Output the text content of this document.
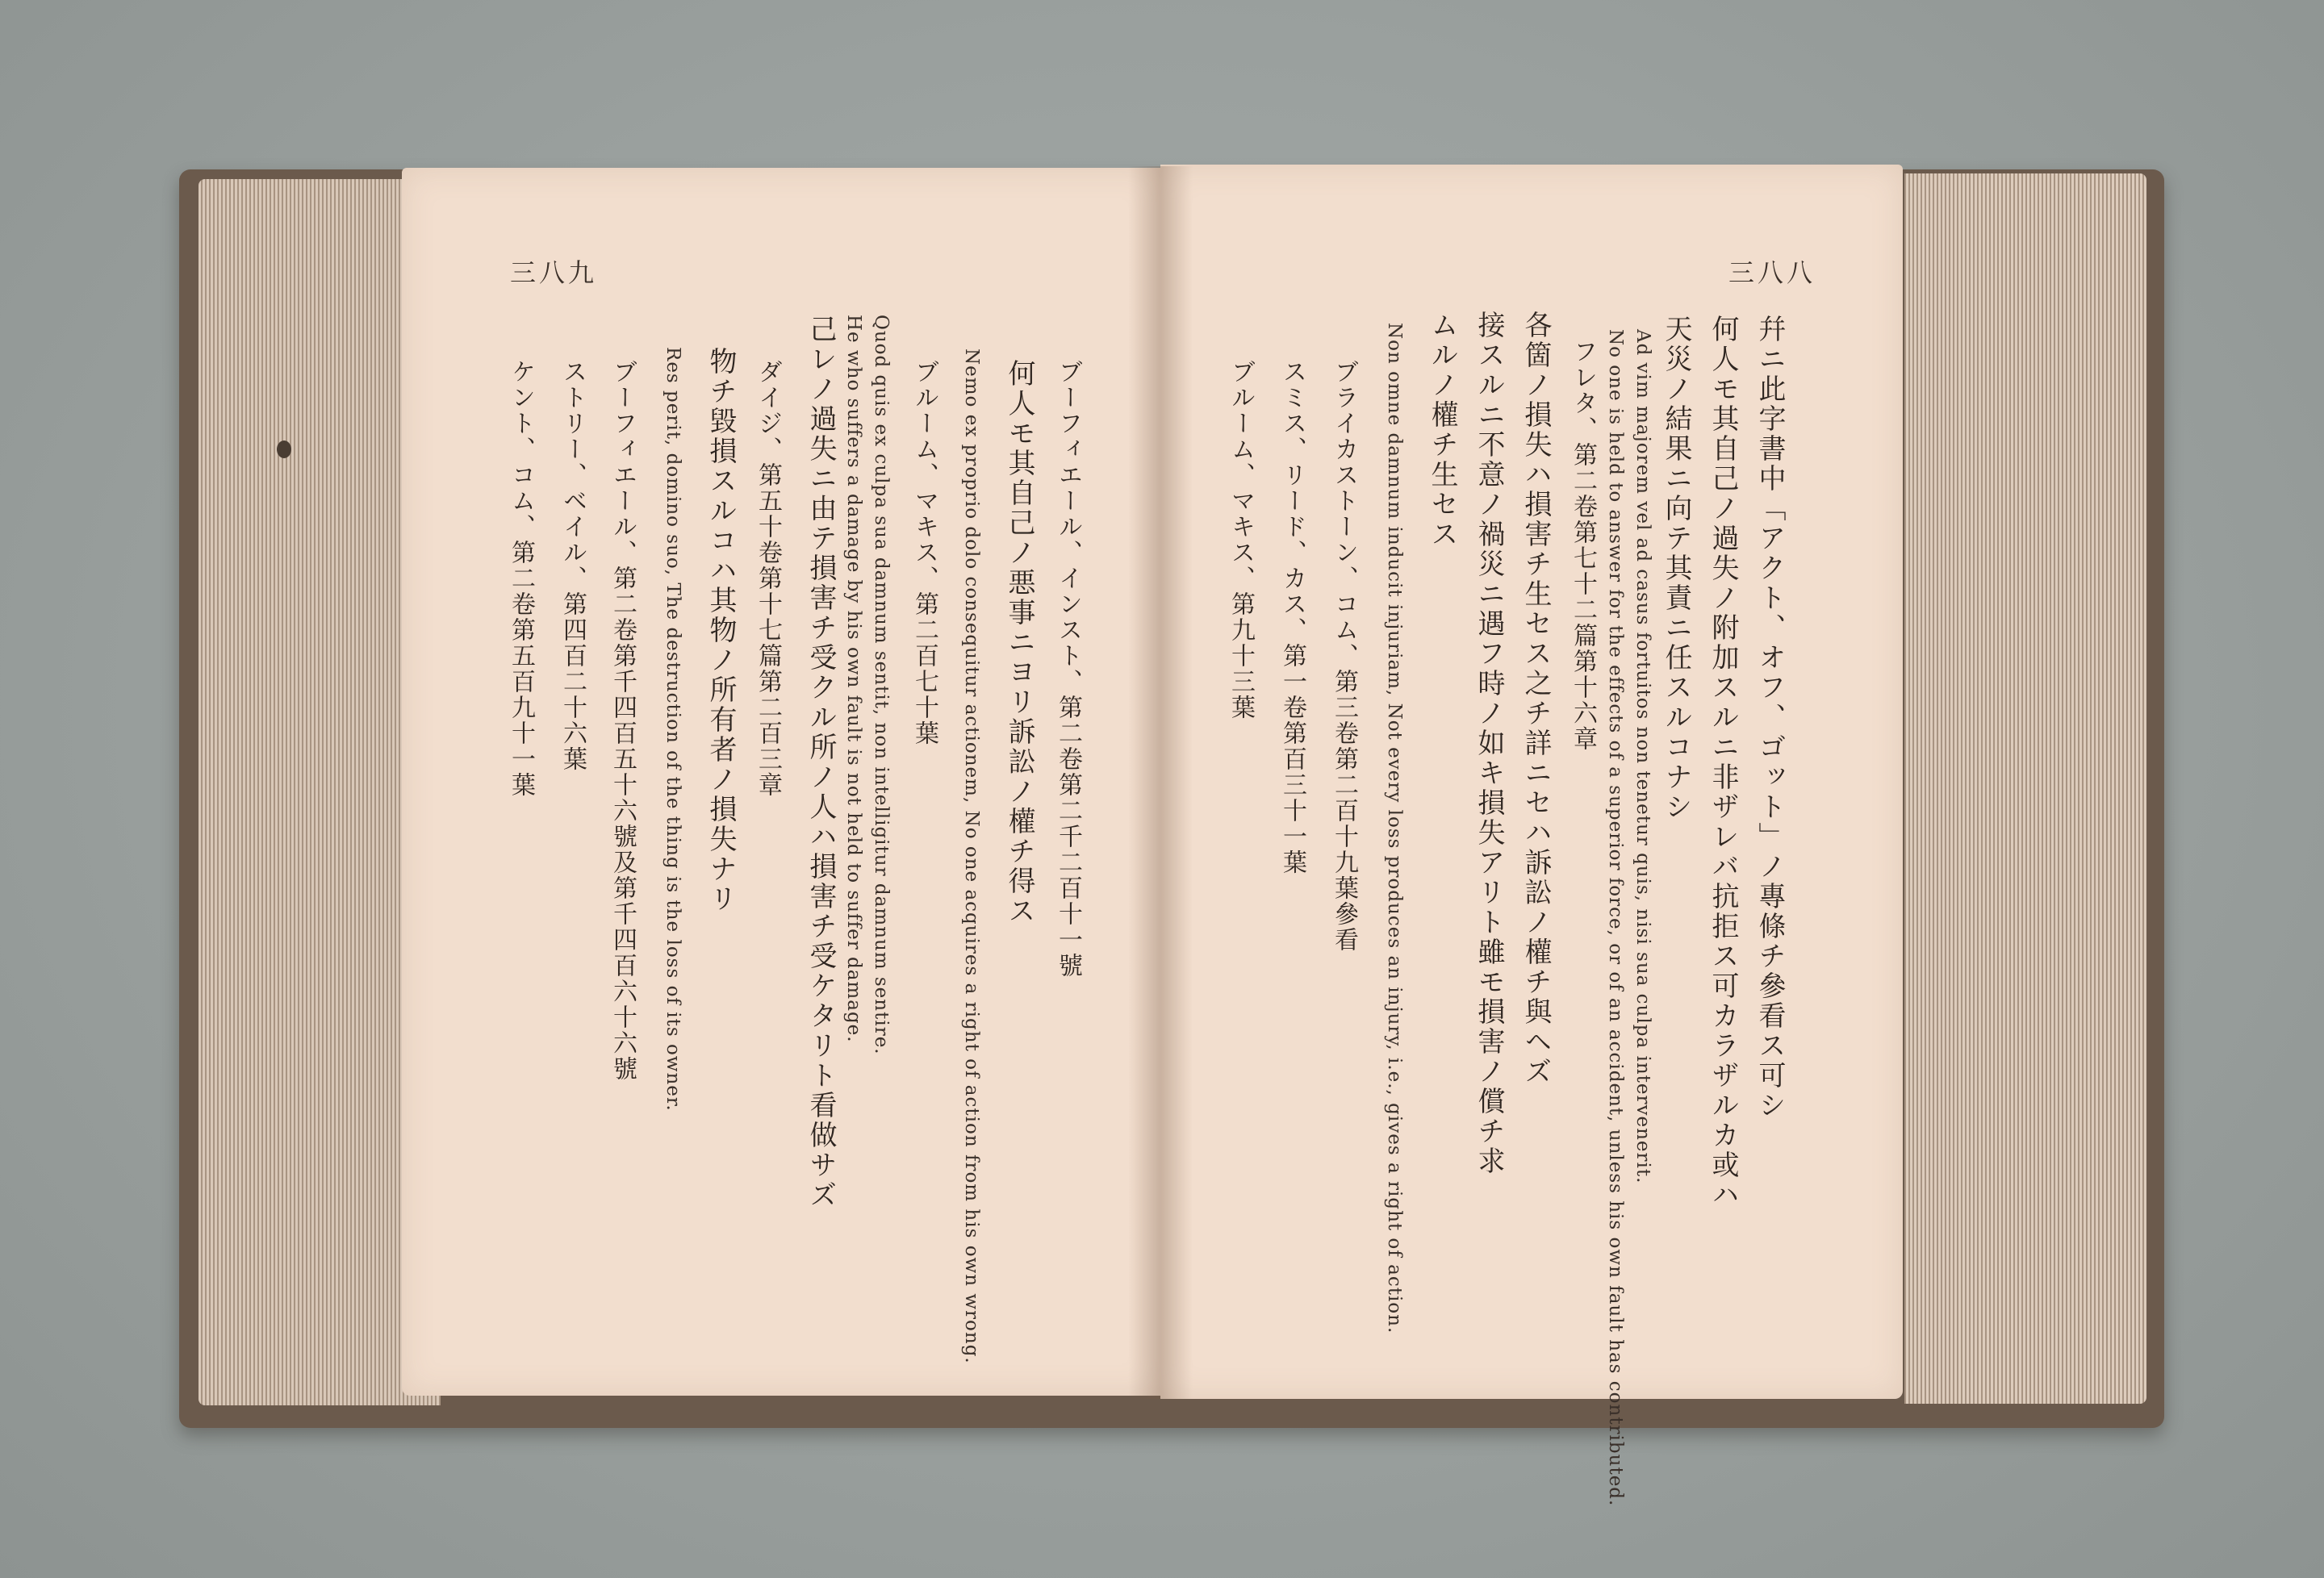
三八九
ブーフィエール、インスト、第二卷第二千二百十一號
何人モ其自己ノ悪事ニヨリ訴訟ノ權チ得ス
Nemo ex proprio dolo consequitur actionem, No one acquires a right of action from his own wrong.
ブルーム、マキス、第二百七十葉
Quod quis ex culpa sua damnum sentit, non intelligitur damnum sentire.
He who suffers a damage by his own fault is not held to suffer damage.
己レノ過失ニ由テ損害チ受クル所ノ人ハ損害チ受ケタリト看做サズ
ダイジ、第五十卷第十七篇第二百三章
物チ毀損スルコハ其物ノ所有者ノ損失ナリ
Res perit, domino suo, The destruction of the thing is the loss of its owner.
ブーフィエール、第二卷第千四百五十六號及第千四百六十六號
ストリー、ベイル、第四百二十六葉
ケント、コム、第二卷第五百九十一葉
三八八
幷ニ此字書中「アクト、オフ、ゴット」ノ專條チ參看ス可シ
何人モ其自己ノ過失ノ附加スルニ非ザレバ抗拒ス可カラザルカ或ハ
天災ノ結果ニ向テ其責ニ任スルコナシ
Ad vim majorem vel ad casus fortuitos non tenetur quis, nisi sua culpa intervenerit.
No one is held to answer for the effects of a superior force, or of an accident, unless his own fault has contributed.
フレタ、第二卷第七十二篇第十六章
各箇ノ損失ハ損害チ生セス之チ詳ニセハ訴訟ノ權チ與ヘズ
接スルニ不意ノ禍災ニ遇フ時ノ如キ損失アリト雖モ損害ノ償チ求
ムルノ權チ生セス
Non omne damnum inducit injuriam, Not every loss produces an injury, i.e., gives a right of action.
ブライカストーン、コム、第三卷第二百十九葉參看
スミス、リード、カス、第一卷第百三十一葉
ブルーム、マキス、第九十三葉
